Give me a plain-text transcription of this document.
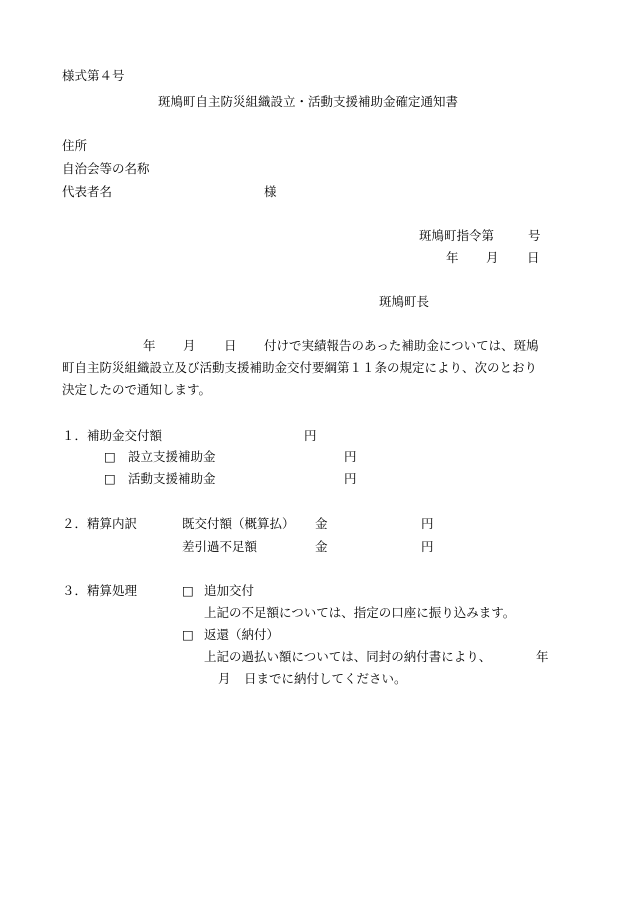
様式第４号
斑鳩町自主防災組織設立・活動支援補助金確定通知書
住所
自治会等の名称
代表者名	様
斑鳩町指令第	号
年 月 日
斑鳩町長
年 月 日 付けで実績報告のあった補助金については、斑鳩
町自主防災組織設立及び活動支援補助金交付要綱第１１条の規定により、次のとおり
決定したので通知します。
１．補助金交付額	円
□ 設立支援補助金	円
□ 活動支援補助金	円
２．精算内訳	既交付額（概算払） 金	円
差引過不足額	金	円
３．精算処理	□ 追加交付
上記の不足額については、指定の口座に振り込みます。
□ 返還（納付）
上記の過払い額については、同封の納付書により、	年
月 日までに納付してください。
